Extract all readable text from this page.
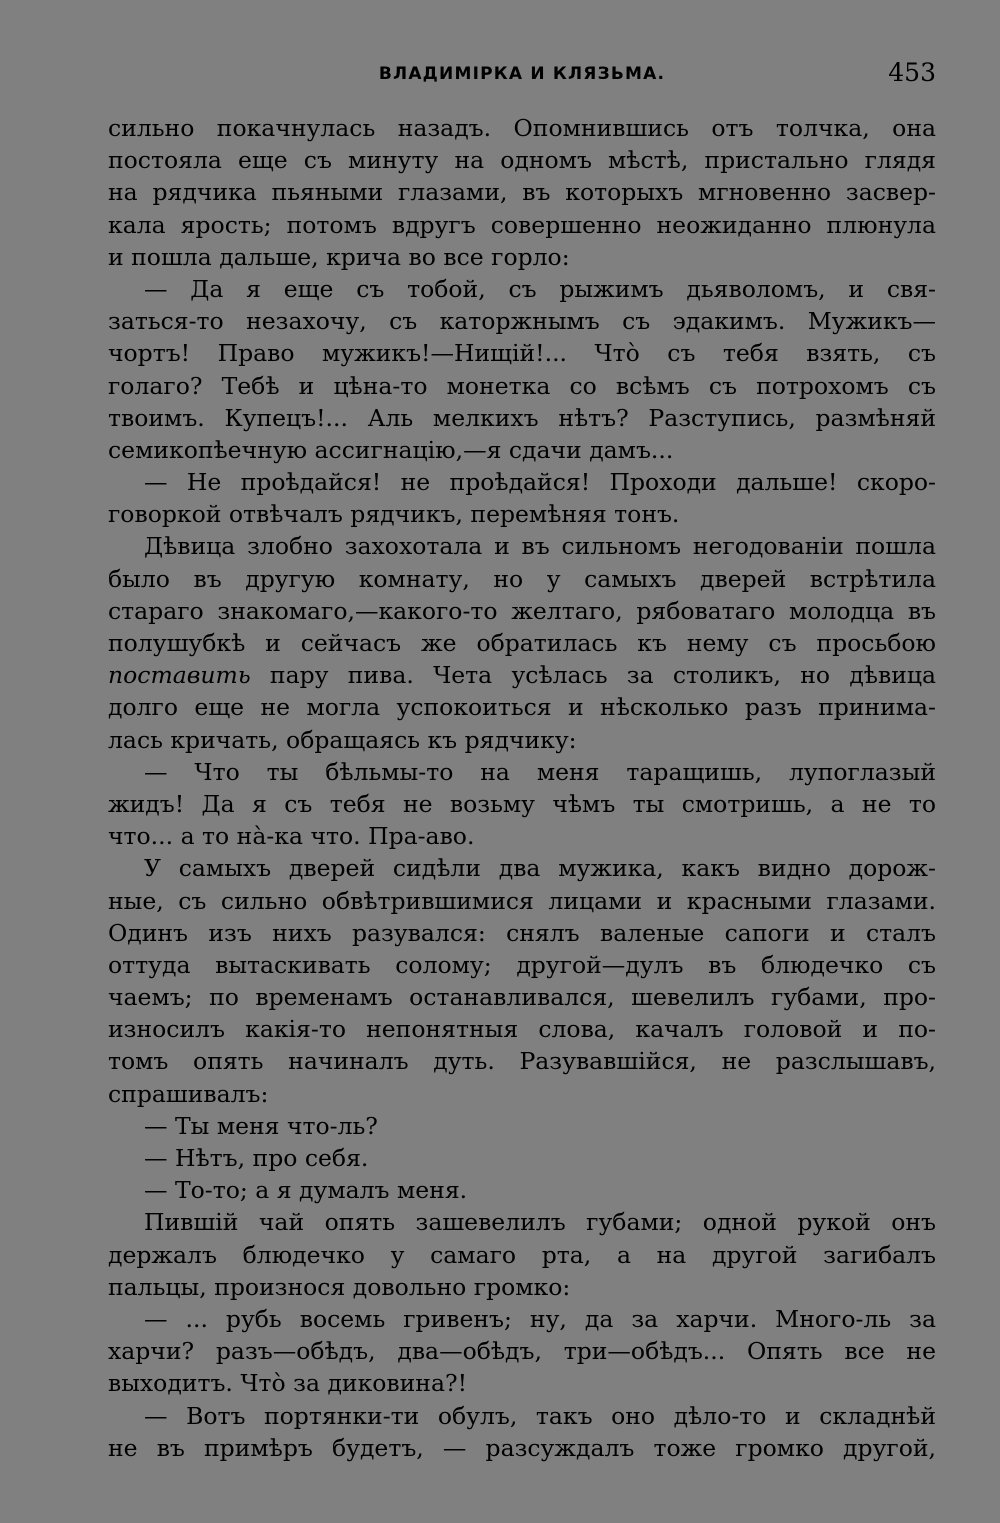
ВЛАДИМІРКА И КЛЯЗЬМА.	453
сильно покачнулась назадъ. Опомнившись отъ толчка, она
постояла еще съ минуту на одномъ мѣстѣ, пристально глядя
на рядчика пьяными глазами, въ которыхъ мгновенно засвер-
кала ярость; потомъ вдругъ совершенно неожиданно плюнула
и пошла дальше, крича во все горло:
— Да я еще съ тобой, съ рыжимъ дьяволомъ, и свя-
заться-то незахочу, съ каторжнымъ съ эдакимъ. Мужикъ—
чортъ! Право мужикъ!—Нищій!... Чтò съ тебя взять, съ
голаго? Тебѣ и цѣна-то монетка со всѣмъ съ потрохомъ съ
твоимъ. Купецъ!... Аль мелкихъ нѣтъ? Разступись, размѣняй
семикопѣечную ассигнацію,—я сдачи дамъ...
— Не проѣдайся! не проѣдайся! Проходи дальше! скоро-
говоркой отвѣчалъ рядчикъ, перемѣняя тонъ.
Дѣвица злобно захохотала и въ сильномъ негодованіи пошла
было въ другую комнату, но у самыхъ дверей встрѣтила
стараго знакомаго,—какого-то желтаго, рябоватаго молодца въ
полушубкѣ и сейчасъ же обратилась къ нему съ просьбою
поставить пару пива. Чета усѣлась за столикъ, но дѣвица
долго еще не могла успокоиться и нѣсколько разъ принима-
лась кричать, обращаясь къ рядчику:
— Что ты бѣльмы-то на меня таращишь, лупоглазый
жидъ! Да я съ тебя не возьму чѣмъ ты смотришь, а не то
что... а то нà-ка что. Пра-аво.
У самыхъ дверей сидѣли два мужика, какъ видно дорож-
ные, съ сильно обвѣтрившимися лицами и красными глазами.
Одинъ изъ нихъ разувался: снялъ валеные сапоги и сталъ
оттуда вытаскивать солому; другой—дулъ въ блюдечко съ
чаемъ; по временамъ останавливался, шевелилъ губами, про-
износилъ какія-то непонятныя слова, качалъ головой и по-
томъ опять начиналъ дуть. Разувавшійся, не разслышавъ,
спрашивалъ:
— Ты меня что-ль?
— Нѣтъ, про себя.
— То-то; а я думалъ меня.
Пившій чай опять зашевелилъ губами; одной рукой онъ
держалъ блюдечко у самаго рта, а на другой загибалъ
пальцы, произнося довольно громко:
— ... рубь восемь гривенъ; ну, да за харчи. Много-ль за
харчи? разъ—обѣдъ, два—обѣдъ, три—обѣдъ... Опять все не
выходитъ. Чтò за диковина?!
— Вотъ портянки-ти обулъ, такъ оно дѣло-то и складнѣй
не въ примѣръ будетъ, — разсуждалъ тоже громко другой,
